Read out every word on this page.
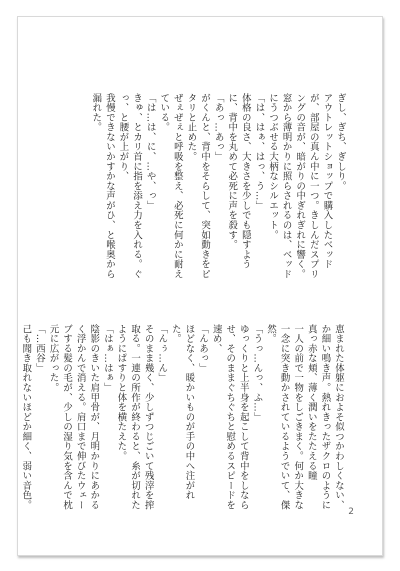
ぎし、ぎち、ぎしり。
アウトレットショップで購入したベッドが、部屋の真ん中に一つ。きしんだスプリングの音が、暗がりの中ぎれぎれに響く。
窓から薄明かりに照らされるのは、ベッドにうつぶせる大柄なシルエット。
「は、はぁ、はっ、う…」
体格の良さ、大きさを少しでも隠すように、背中を丸めて必死に声を殺す。
「あっ…あっ」
がくんと、背中をそらして、突如動きをピタリと止めた。
ぜぇぜぇと呼吸を整え、必死に何かに耐えている。
「は…は、に、…や、っ」
きゅ、とカリ首に指を添え力を入れる。ぐっ、と腰が上がり、
我慢できないかすかな声がひ、と喉奥から漏れた。
恵まれた体躯におよそ似つかわしくない、か細い鳴き声。熱れきったザクロのように真っ赤な頬、薄く潤いをたたえる瞳
一人の前で一物をしごきまく。何か大きな一念に突き動かされているようでいて、傑然。
「うっ…んっ、ふ…」
ゆっくりと上半身を起こして背中をしならせ、そのままぐちぐちと慰めるスピードを速め、
「んあっ」
ほどなく、暖かいものが手の中へ注がれた。
「んぅ…ん」
そのまま幾く、少しずつじごいて残滓を搾取る。一連の所作が終わると、糸が切れたようにぱすりと体を横たえた。
「はぁ…はぁ」
陰影のきいた肩甲骨が、月明かりにあかるく浮かんで消える。肩口まで伸びたウェーブする髪の毛が、少しの湿り気を含んで枕元に広がった。
「…西谷」
己も聞き取れないほどか細く、弱い音色。
2
